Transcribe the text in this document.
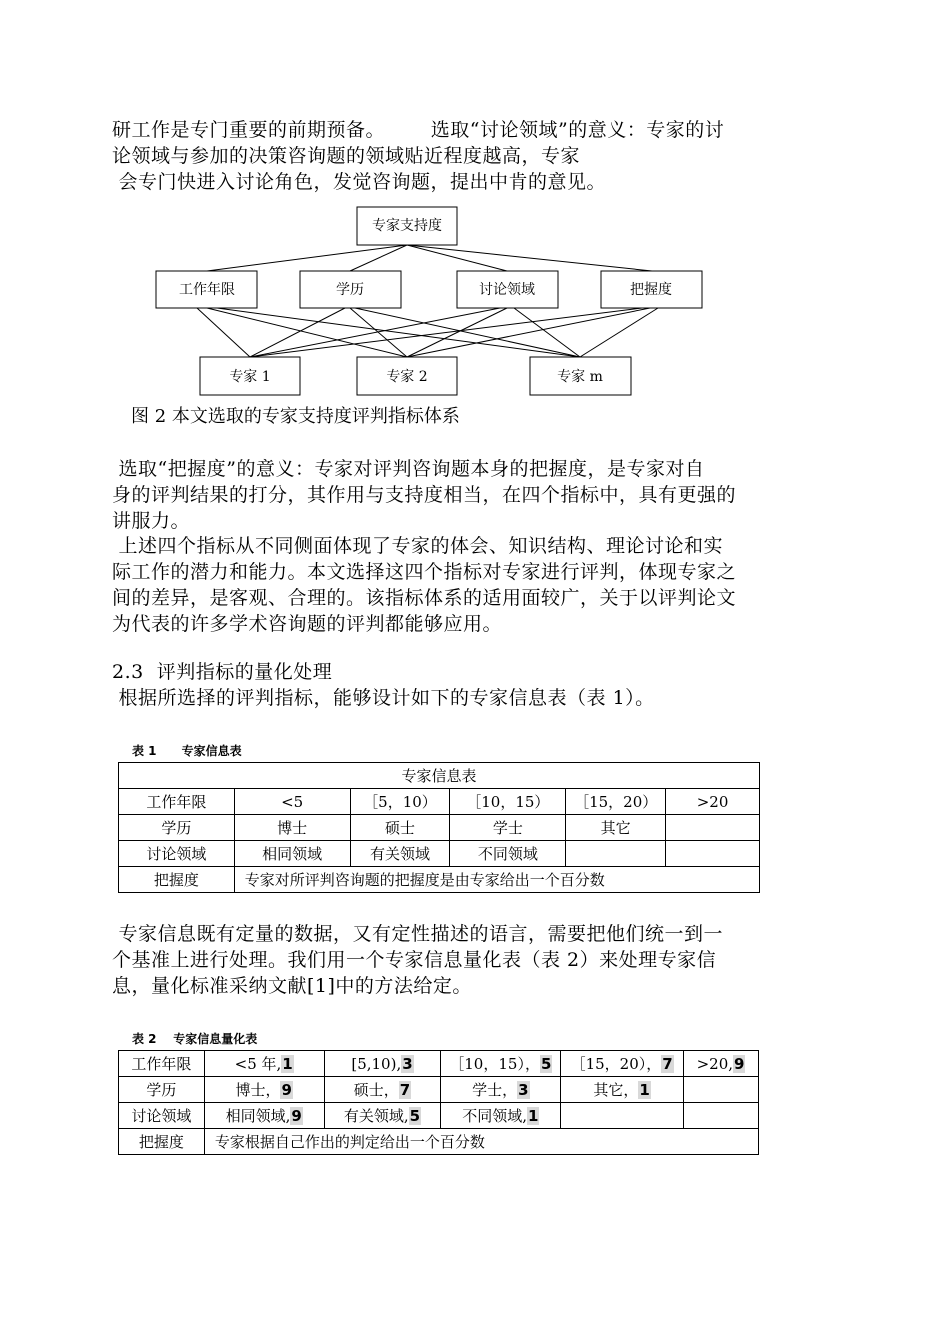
研工作是专门重要的前期预备。       选取“讨论领域”的意义：专家的讨
论领域与参加的决策咨询题的领域贴近程度越高，专家
会专门快进入讨论角色，发觉咨询题，提出中肯的意见。
专家支持度
工作年限	学历	讨论领域	把握度
专家 1	专家 2	专家 m
图 2 本文选取的专家支持度评判指标体系
选取“把握度”的意义：专家对评判咨询题本身的把握度，是专家对自
身的评判结果的打分，其作用与支持度相当，在四个指标中，具有更强的
讲服力。
上述四个指标从不同侧面体现了专家的体会、知识结构、理论讨论和实
际工作的潜力和能力。本文选择这四个指标对专家进行评判，体现专家之
间的差异，是客观、合理的。该指标体系的适用面较广，关于以评判论文
为代表的许多学术咨询题的评判都能够应用。
2.3  评判指标的量化处理
根据所选择的评判指标，能够设计如下的专家信息表（表 1）。
表 1      专家信息表
专家信息表					
工作年限	<5	［5，10）	［10，15）	［15，20）	>20
学历	博士	硕士	学士	其它	
讨论领域	相同领域	有关领域	不同领域		
把握度	专家对所评判咨询题的把握度是由专家给出一个百分数				
专家信息既有定量的数据，又有定性描述的语言，需要把他们统一到一
个基准上进行处理。我们用一个专家信息量化表（表 2）来处理专家信
息，量化标准采纳文献[1]中的方法给定。
表 2    专家信息量化表
工作年限	<5 年,1	[5,10),3	［10，15），5	［15，20），7	>20,9
学历	博士，9	硕士，7	学士，3	其它，1	
讨论领域	相同领域,9	有关领域,5	不同领域,1		
把握度	专家根据自己作出的判定给出一个百分数				
